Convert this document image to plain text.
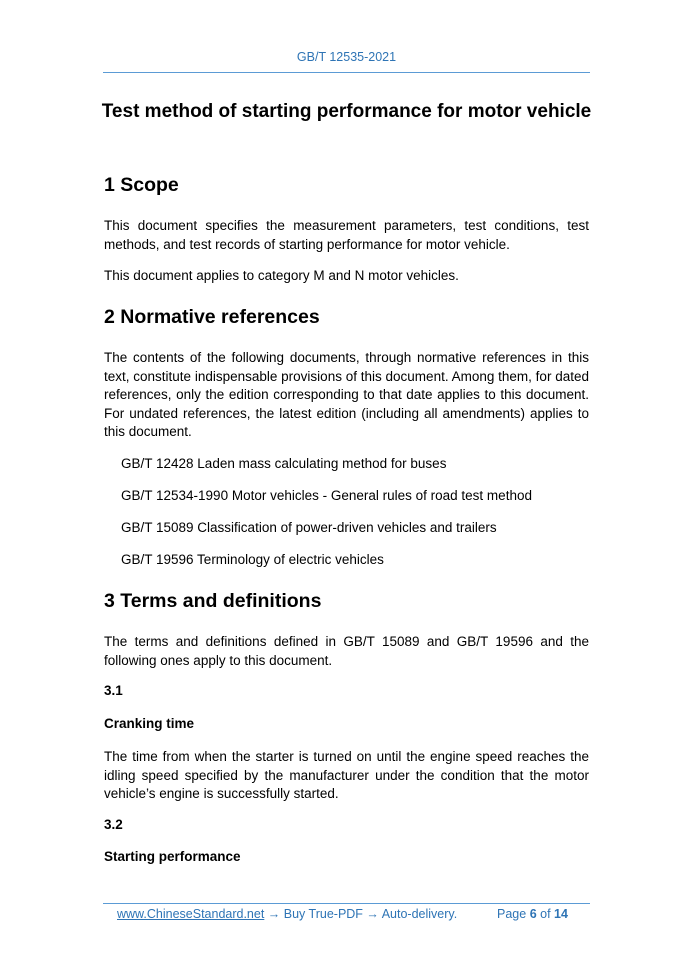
GB/T 12535-2021
Test method of starting performance for motor vehicle
1 Scope

This document specifies the measurement parameters, test conditions, test methods, and test records of starting performance for motor vehicle.

This document applies to category M and N motor vehicles.

2 Normative references

The contents of the following documents, through normative references in this text, constitute indispensable provisions of this document. Among them, for dated references, only the edition corresponding to that date applies to this document. For undated references, the latest edition (including all amendments) applies to this document.

GB/T 12428 Laden mass calculating method for buses
GB/T 12534-1990 Motor vehicles - General rules of road test method
GB/T 15089 Classification of power-driven vehicles and trailers
GB/T 19596 Terminology of electric vehicles
3 Terms and definitions

The terms and definitions defined in GB/T 15089 and GB/T 19596 and the following ones apply to this document.

3.1
Cranking time

The time from when the starter is turned on until the engine speed reaches the idling speed specified by the manufacturer under the condition that the motor vehicle’s engine is successfully started.

3.2
Starting performance
www.ChineseStandard.net → Buy True-PDF → Auto-delivery.	Page 6 of 14
